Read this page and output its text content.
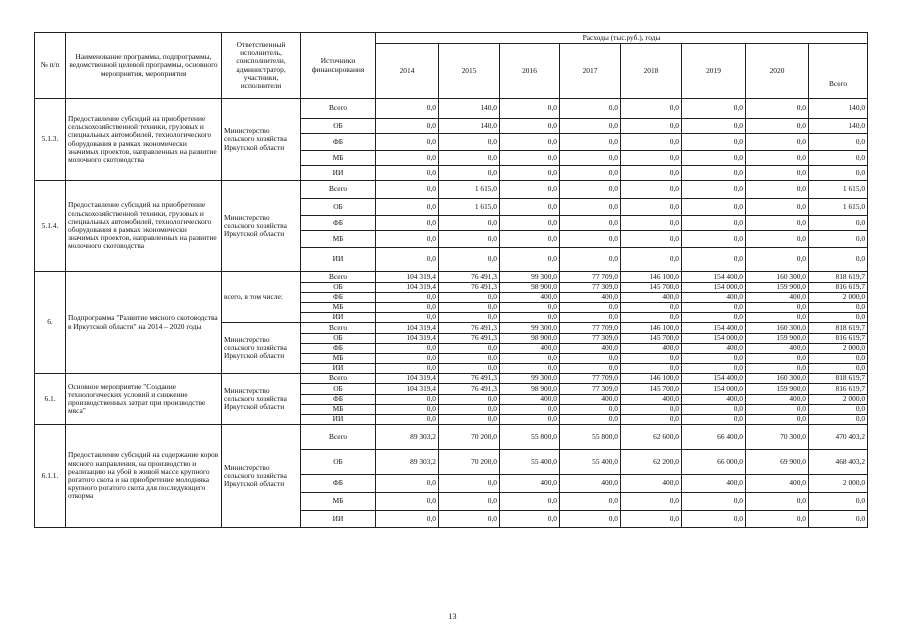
№ п/п	Наименование программы, подпрограммы, ведомственной целевой программы, основного мероприятия, мероприятия	Ответственный исполнитель, соисполнители, администратор, участники, исполнители	Источники финансирования	Расходы (тыс.руб.), годы							
				2014	2015	2016	2017	2018	2019	2020	Всего
5.1.3.	Предоставление субсидий на приобретение сельскохозяйственной техники, грузовых и специальных автомобилей, технологического оборудования в рамках экономически значимых проектов, направленных на развитие молочного скотоводства	Министерство сельского хозяйства Иркутской области	Всего	0,0	140,0	0,0	0,0	0,0	0,0	0,0	140,0
			ОБ	0,0	140,0	0,0	0,0	0,0	0,0	0,0	140,0
			ФБ	0,0	0,0	0,0	0,0	0,0	0,0	0,0	0,0
			МБ	0,0	0,0	0,0	0,0	0,0	0,0	0,0	0,0
			ИИ	0,0	0,0	0,0	0,0	0,0	0,0	0,0	0,0
5.1.4.	Предоставление субсидий на приобретение сельскохозяйственной техники, грузовых и специальных автомобилей, технологического оборудования в рамках экономически значимых проектов, направленных на развитие молочного скотоводства	Министерство сельского хозяйства Иркутской области	Всего	0,0	1 615,0	0,0	0,0	0,0	0,0	0,0	1 615,0
			ОБ	0,0	1 615,0	0,0	0,0	0,0	0,0	0,0	1 615,0
			ФБ	0,0	0,0	0,0	0,0	0,0	0,0	0,0	0,0
			МБ	0,0	0,0	0,0	0,0	0,0	0,0	0,0	0,0
			ИИ	0,0	0,0	0,0	0,0	0,0	0,0	0,0	0,0
6.	Подпрограмма "Развитие мясного скотоводства в Иркутской области" на 2014 – 2020 годы	всего, в том числе:	Всего	104 319,4	76 491,3	99 300,0	77 709,0	146 100,0	154 400,0	160 300,0	818 619,7
			ОБ	104 319,4	76 491,3	98 900,0	77 309,0	145 700,0	154 000,0	159 900,0	816 619,7
			ФБ	0,0	0,0	400,0	400,0	400,0	400,0	400,0	2 000,0
			МБ	0,0	0,0	0,0	0,0	0,0	0,0	0,0	0,0
			ИИ	0,0	0,0	0,0	0,0	0,0	0,0	0,0	0,0
		Министерство сельского хозяйства Иркутской области	Всего	104 319,4	76 491,3	99 300,0	77 709,0	146 100,0	154 400,0	160 300,0	818 619,7
			ОБ	104 319,4	76 491,3	98 900,0	77 309,0	145 700,0	154 000,0	159 900,0	816 619,7
			ФБ	0,0	0,0	400,0	400,0	400,0	400,0	400,0	2 000,0
			МБ	0,0	0,0	0,0	0,0	0,0	0,0	0,0	0,0
			ИИ	0,0	0,0	0,0	0,0	0,0	0,0	0,0	0,0
6.1.	Основное мероприятие "Создание технологических условий и снижение производственных затрат при производстве мяса"	Министерство сельского хозяйства Иркутской области	Всего	104 319,4	76 491,3	99 300,0	77 709,0	146 100,0	154 400,0	160 300,0	818 619,7
			ОБ	104 319,4	76 491,3	98 900,0	77 309,0	145 700,0	154 000,0	159 900,0	816 619,7
			ФБ	0,0	0,0	400,0	400,0	400,0	400,0	400,0	2 000,0
			МБ	0,0	0,0	0,0	0,0	0,0	0,0	0,0	0,0
			ИИ	0,0	0,0	0,0	0,0	0,0	0,0	0,0	0,0
6.1.1.	Предоставление субсидий на содержание коров мясного направления, на производство и реализацию на убой в живой массе крупного рогатого скота и на приобретение молодняка крупного рогатого скота для последующего откорма	Министерство сельского хозяйства Иркутской области	Всего	89 303,2	70 200,0	55 800,0	55 800,0	62 600,0	66 400,0	70 300,0	470 403,2
			ОБ	89 303,2	70 200,0	55 400,0	55 400,0	62 200,0	66 000,0	69 900,0	468 403,2
			ФБ	0,0	0,0	400,0	400,0	400,0	400,0	400,0	2 000,0
			МБ	0,0	0,0	0,0	0,0	0,0	0,0	0,0	0,0
			ИИ	0,0	0,0	0,0	0,0	0,0	0,0	0,0	0,0
13
